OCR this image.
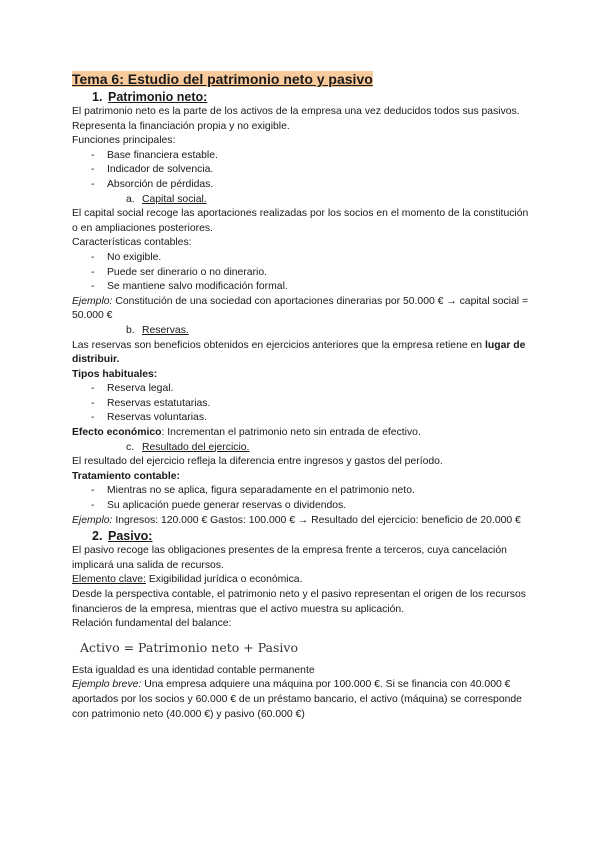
Tema 6: Estudio del patrimonio neto y pasivo
1. Patrimonio neto:

El patrimonio neto es la parte de los activos de la empresa una vez deducidos todos sus pasivos. Representa la financiación propia y no exigible.

Funciones principales:

- Base financiera estable.
- Indicador de solvencia.
- Absorción de pérdidas.
a. Capital social.

El capital social recoge las aportaciones realizadas por los socios en el momento de la constitución o en ampliaciones posteriores.

Características contables:

- No exigible.
- Puede ser dinerario o no dinerario.
- Se mantiene salvo modificación formal.

Ejemplo: Constitución de una sociedad con aportaciones dinerarias por 50.000 € → capital social = 50.000 €

b. Reservas.

Las reservas son beneficios obtenidos en ejercicios anteriores que la empresa retiene en lugar de distribuir.

Tipos habituales:

- Reserva legal.
- Reservas estatutarias.
- Reservas voluntarias.

Efecto económico: Incrementan el patrimonio neto sin entrada de efectivo.

c. Resultado del ejercicio.

El resultado del ejercicio refleja la diferencia entre ingresos y gastos del período.

Tratamiento contable:

- Mientras no se aplica, figura separadamente en el patrimonio neto.
- Su aplicación puede generar reservas o dividendos.

Ejemplo: Ingresos: 120.000 € Gastos: 100.000 € → Resultado del ejercicio: beneficio de 20.000 €

2. Pasivo:

El pasivo recoge las obligaciones presentes de la empresa frente a terceros, cuya cancelación implicará una salida de recursos.

Elemento clave: Exigibilidad jurídica o económica.

Desde la perspectiva contable, el patrimonio neto y el pasivo representan el origen de los recursos financieros de la empresa, mientras que el activo muestra su aplicación.

Relación fundamental del balance:

Activo = Patrimonio neto + Pasivo

Esta igualdad es una identidad contable permanente

Ejemplo breve: Una empresa adquiere una máquina por 100.000 €. Si se financia con 40.000 € aportados por los socios y 60.000 € de un préstamo bancario, el activo (máquina) se corresponde con patrimonio neto (40.000 €) y pasivo (60.000 €)
